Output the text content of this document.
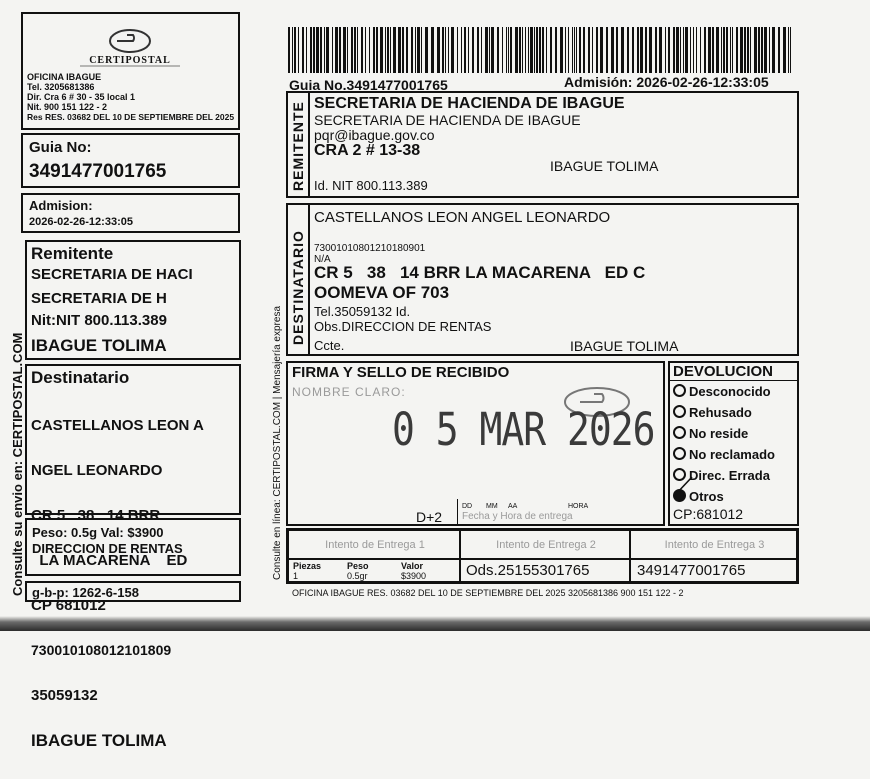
CERTIPOSTAL
OFICINA IBAGUE
Tel. 3205681386
Dir. Cra 6 # 30 - 35 local 1
Nit. 900 151 122 - 2
Res RES. 03682 DEL 10 DE SEPTIEMBRE DEL 2025
Guia No:
3491477001765
Admision:
2026-02-26-12:33:05
Remitente
SECRETARIA DE HACI
SECRETARIA DE H
Nit:NIT 800.113.389
IBAGUE TOLIMA
Destinatario

CASTELLANOS LEON A

NGEL LEONARDO

CR 5   38   14 BRR

LA MACARENA    ED

CP 681012

730010108012101809

35059132

IBAGUE TOLIMA

Peso: 0.5g Val: $3900
DIRECCION DE RENTAS
g-b-p: 1262-6-158
Consulte su envio en: CERTIPOSTAL.COM
Guia No.3491477001765	Admisión: 2026-02-26-12:33:05
Consulte en línea: CERTIPOSTAL.COM | Mensajería expresa
REMITENTE SECRETARIA DE HACIENDA DE IBAGUE
SECRETARIA DE HACIENDA DE IBAGUE
pqr@ibague.gov.co
CRA 2 # 13-38
IBAGUE TOLIMA
Id. NIT 800.113.389
DESTINATARIO
CASTELLANOS LEON ANGEL LEONARDO
73001010801210180901
N/A
CR 5   38   14 BRR LA MACARENA   ED C
OOMEVA OF 703
Tel.35059132 Id.
Obs.DIRECCION DE RENTAS
Ccte.	IBAGUE TOLIMA
FIRMA Y SELLO DE RECIBIDO
NOMBRE CLARO:
0 5 MAR 2026
D+2
DD MM AA	HORA
Fecha y Hora de entrega
DEVOLUCION
Desconocido
Rehusado
No reside
No reclamado
Direc. Errada
Otros
CP:681012
Intento de Entrega 1	Intento de Entrega 2	Intento de Entrega 3
Piezas	Peso	Valor
1	0.5gr	$3900	Ods.25155301765	3491477001765
OFICINA IBAGUE RES. 03682 DEL 10 DE SEPTIEMBRE DEL 2025 3205681386 900 151 122 - 2
